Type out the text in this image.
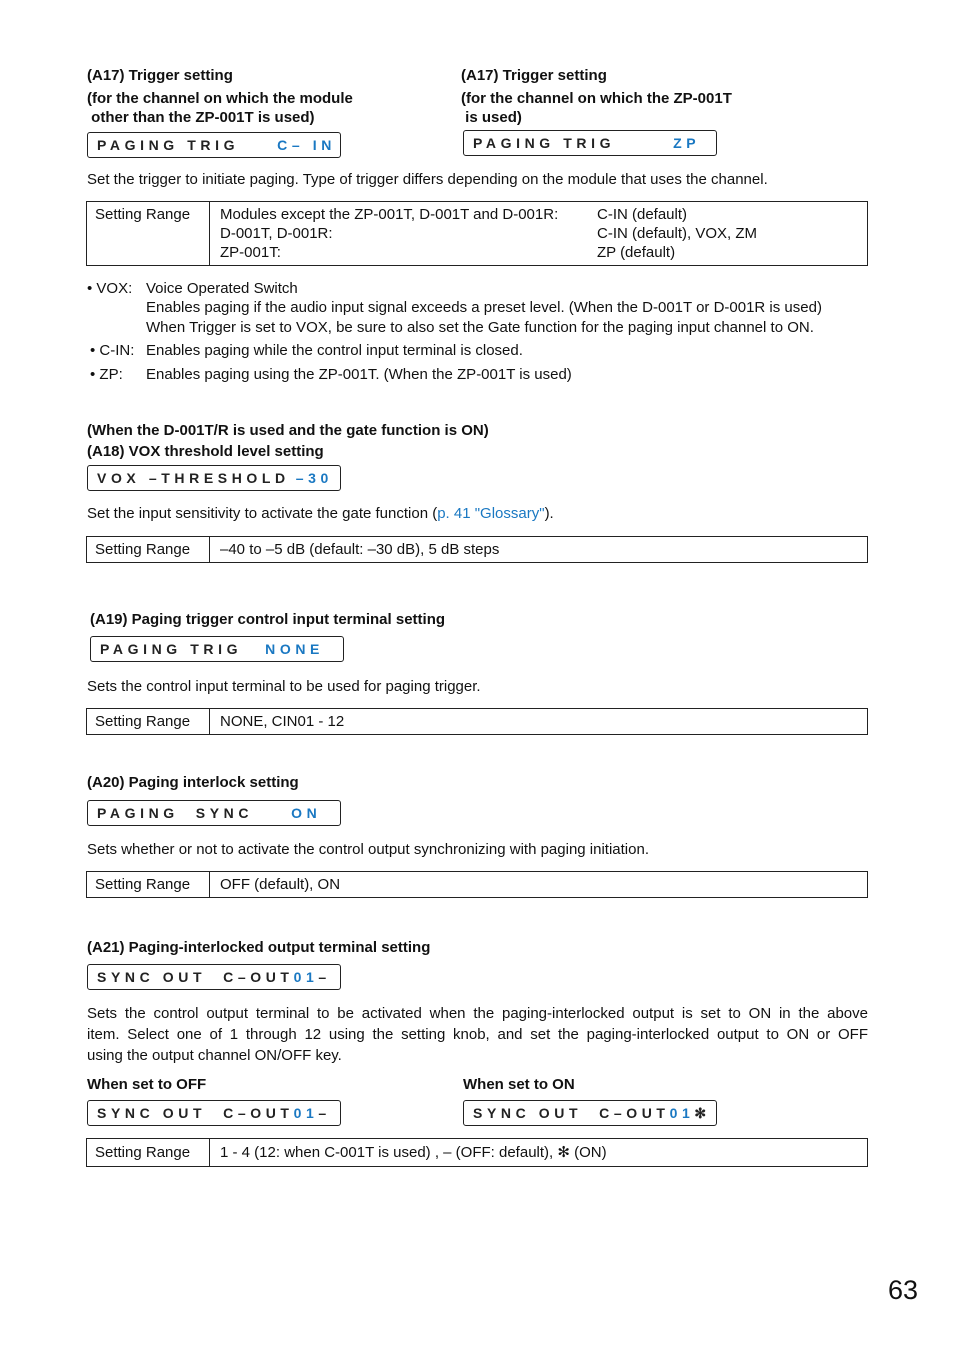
(A17) Trigger setting
(for the channel on which the module
other than the ZP-001T is used)
PAGING TRIG	C– IN
(A17) Trigger setting
(for the channel on which the ZP-001T
is used)
PAGING TRIG	ZP
Set the trigger to initiate paging. Type of trigger differs depending on the module that uses the channel.
Setting Range	Modules except the ZP-001T, D-001T and D-001R:	C-IN (default)
D-001T, D-001R:	C-IN (default), VOX, ZM
ZP-001T:	ZP (default)
• VOX: Voice Operated Switch
Enables paging if the audio input signal exceeds a preset level. (When the D-001T or D-001R is used)
When Trigger is set to VOX, be sure to also set the Gate function for the paging input channel to ON.
• C-IN: Enables paging while the control input terminal is closed.
• ZP: Enables paging using the ZP-001T. (When the ZP-001T is used)
(When the D-001T/R is used and the gate function is ON)
(A18) VOX threshold level setting
VOX –THRESHOLD –30
Set the input sensitivity to activate the gate function (p. 41 "Glossary").
Setting Range	–40 to –5 dB (default: –30 dB), 5 dB steps
(A19) Paging trigger control input terminal setting
PAGING TRIG NONE
Sets the control input terminal to be used for paging trigger.
Setting Range	NONE, CIN01 - 12
(A20) Paging interlock setting
PAGING  SYNC	ON
Sets whether or not to activate the control output synchronizing with paging initiation.
Setting Range	OFF (default), ON
(A21) Paging-interlocked output terminal setting
SYNC OUT  C–OUT01–
Sets the control output terminal to be activated when the paging-interlocked output is set to ON in the above
item. Select one of 1 through 12 using the setting knob, and set the paging-interlocked output to ON or OFF
using the output channel ON/OFF key.
When set to OFF
SYNC OUT  C–OUT01–
When set to ON
SYNC OUT  C–OUT01✻
Setting Range	1 - 4 (12: when C-001T is used) , – (OFF: default), ✻ (ON)
63
